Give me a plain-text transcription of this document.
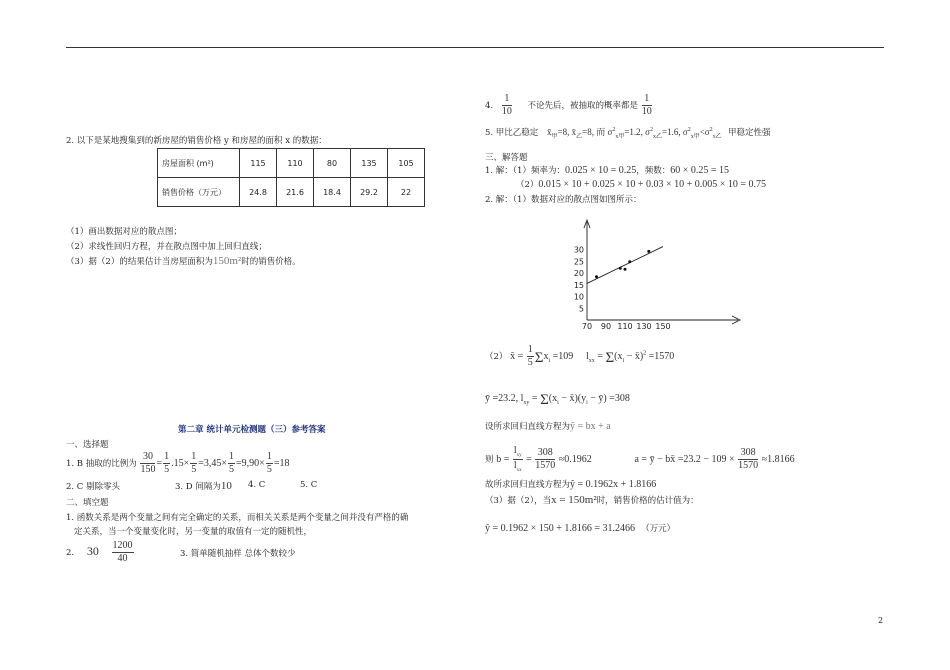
2. 以下是某地搜集到的新房屋的销售价格 y 和房屋的面积 x 的数据：
房屋面积 (m²)	115	110	80	135	105
销售价格（万元）	24.8	21.6	18.4	29.2	22
（1）画出数据对应的散点图；
（2）求线性回归方程，并在散点图中加上回归直线；
（3）据（2）的结果估计当房屋面积为150m²时的销售价格。
第二章 统计单元检测题（三）参考答案
一、选择题
1. B 抽取的比例为 $\frac{30}{150} = \frac{1}{5} .15\times \frac{1}{5} =3,45\times \frac{1}{5} =9,90\times \frac{1}{5} =18$
2. C 剔除零头	3. D 间隔为10 4. C	5. C
二、填空题
1. 函数关系是两个变量之间有完全确定的关系，而相关关系是两个变量之间并没有严格的确
定关系，当一个变量变化时，另一变量的取值有一定的随机性，
2. $30 \frac{1200}{40}$	3. 简单随机抽样 总体个数较少
4. $\frac{1}{10}$ 不论先后，被抽取的概率都是 $\frac{1}{10}$
5. 甲比乙稳定 $x̄_甲=8$, $x̄_乙=8$, 而 $\sigma^2_{x甲}=1.2$, $\sigma^2_{x乙}=1.6$, $\sigma^2_{x甲}<\sigma^2_{x乙}$ 甲稳定性强
三、解答题
1. 解：（1）频率为：0.025 × 10 = 0.25，频数：60 × 0.25 = 15
（2）0.015 × 10 + 0.025 × 10 + 0.03 × 10 + 0.005 × 10 = 0.75
2. 解：（1）数据对应的散点图如图所示：
70 90 110 130 150
5
10
15
20
25
30
（2） x̄ = $\frac{1}{5} \Sigma x_i =109$ $l_{xx} = \Sigma(x_i$ − x̄)$^2$ =1570
ȳ =23.2, $l_{xy} = \Sigma(x_i$ − $x̄)(y_i$ − ȳ) =308
设所求回归直线方程为ŷ = bx + a
则 $b = \frac{l_{xy}}{l_{xx}} = \frac{308}{1570} \approx 0.1962$	a = ȳ − bx̄ $=23.2 - 109 \times \frac{308}{1570} \approx 1.8166$
故所求回归直线方程为ŷ = 0.1962x + 1.8166
（3）据（2），当x = 150m²时，销售价格的估计值为：
ŷ = 0.1962 × 150 + 1.8166 = 31.2466 （万元）
2
